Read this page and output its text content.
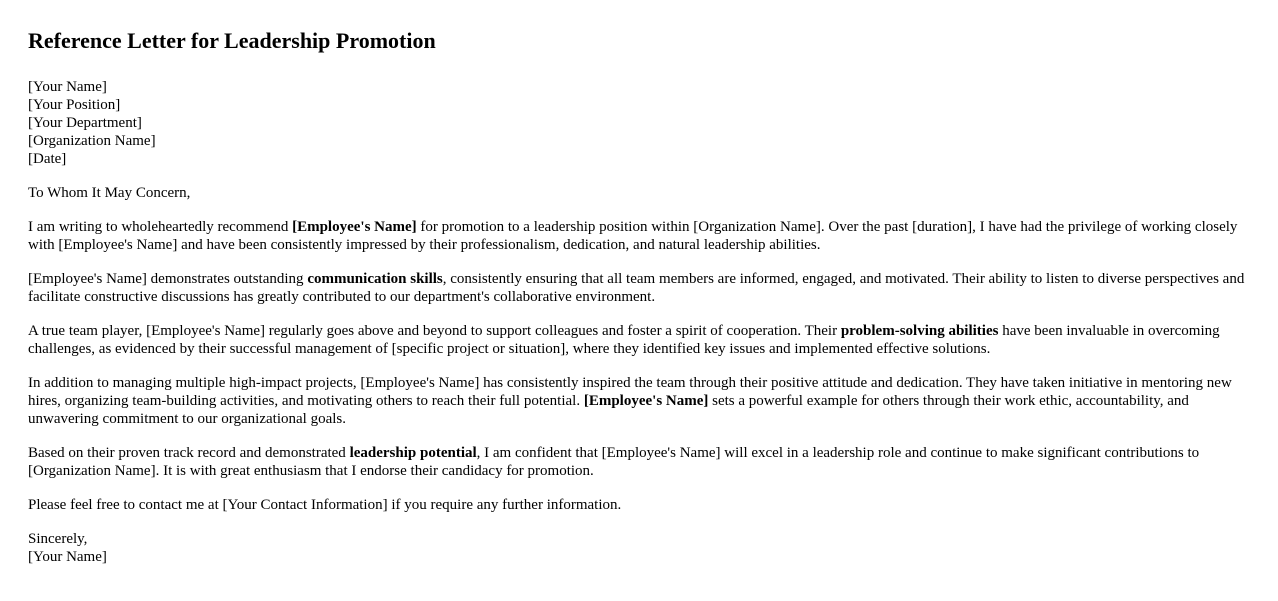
Reference Letter for Leadership Promotion
[Your Name]
[Your Position]
[Your Department]
[Organization Name]
[Date]

To Whom It May Concern,

I am writing to wholeheartedly recommend [Employee's Name] for promotion to a leadership position within [Organization Name]. Over the past [duration], I have had the privilege of working closely with [Employee's Name] and have been consistently impressed by their professionalism, dedication, and natural leadership abilities.

[Employee's Name] demonstrates outstanding communication skills, consistently ensuring that all team members are informed, engaged, and motivated. Their ability to listen to diverse perspectives and facilitate constructive discussions has greatly contributed to our department's collaborative environment.

A true team player, [Employee's Name] regularly goes above and beyond to support colleagues and foster a spirit of cooperation. Their problem-solving abilities have been invaluable in overcoming challenges, as evidenced by their successful management of [specific project or situation], where they identified key issues and implemented effective solutions.

In addition to managing multiple high-impact projects, [Employee's Name] has consistently inspired the team through their positive attitude and dedication. They have taken initiative in mentoring new hires, organizing team-building activities, and motivating others to reach their full potential. [Employee's Name] sets a powerful example for others through their work ethic, accountability, and unwavering commitment to our organizational goals.

Based on their proven track record and demonstrated leadership potential, I am confident that [Employee's Name] will excel in a leadership role and continue to make significant contributions to [Organization Name]. It is with great enthusiasm that I endorse their candidacy for promotion.

Please feel free to contact me at [Your Contact Information] if you require any further information.

Sincerely,
[Your Name]
